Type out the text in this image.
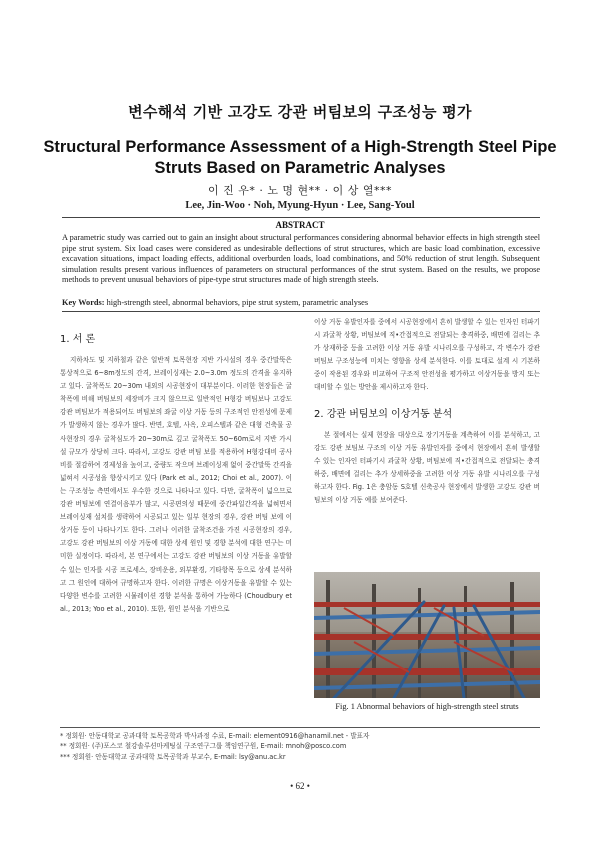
변수해석 기반 고강도 강관 버팀보의 구조성능 평가
Structural Performance Assessment of a High-Strength Steel Pipe Struts Based on Parametric Analyses
이 진 우* · 노 명 현** · 이 상 열***
Lee, Jin-Woo · Noh, Myung-Hyun · Lee, Sang-Youl
ABSTRACT
A parametric study was carried out to gain an insight about structural performances considering abnormal behavior effects in high strength steel pipe strut system. Six load cases were considered as undesirable deflections of strut structures, which are basic load combination, excessive excavation situations, impact loading effects, additional overburden loads, load combinations, and 50% reduction of strut length. Subsequent simulation results present various influences of parameters on structural performances of the strut system. Based on the results, we propose methods to prevent unusual behaviors of pipe-type strut structures made of high strength steels.
Key Words: high-strength steel, abnormal behaviors, pipe strut system, parametric analyses

1. 서 론

지하차도 및 지하철과 같은 일반적 토목현장 지반 가시설의 경우 중간말뚝은 통상적으로 6~8m정도의 간격, 브레이싱재는 2.0~3.0m 정도의 간격을 유지하고 있다. 굴착폭도 20~30m 내외의 시공현장이 대부분이다. 이러한 현장들은 굴착폭에 비해 버팀보의 세장비가 크지 않으므로 일반적인 H형강 버팀보나 고강도 강관 버팀보가 적용되어도 버팀보의 좌굴 이상 거동 등의 구조적인 안전성에 문제가 발생하지 않는 경우가 많다. 반면, 호텔, 사옥, 오피스텔과 같은 대형 건축물 공사현장의 경우 굴착심도가 20~30m로 깊고 굴착폭도 50~60m로서 지반 가시설 규모가 상당히 크다. 따라서, 고강도 강관 버팀 보를 적용하여 H형강대비 공사비를 절감하여 경제성을 높이고, 중량도 작으며 브레이싱재 없이 중간말뚝 간격을 넓혀서 시공성을 향상시키고 있다 (Park et al., 2012; Choi et al., 2007). 이는 구조성능 측면에서도 우수한 것으로 나타나고 있다. 다만, 굴착폭이 넓으므로 강관 버팀보에 연결이음부가 많고, 시공편의성 때문에 중간파일간격을 넓혀면서 브레이싱재 설치를 생략하여 시공되고 있는 일부 현장의 경우, 강관 버팀 보에 이상거동 등이 나타나기도 한다. 그러나 이러한 굴착조건을 가진 시공현장의 경우, 고강도 강관 버팀보의 이상 거동에 대한 상세 원인 및 경향 분석에 대한 연구는 미미한 실정이다. 따라서, 본 연구에서는 고강도 강관 버팀보의 이상 거동을 유발할 수 있는 인자를 시공 프로세스, 장비운용, 외부환경, 기타항목 등으로 상세 분석하고 그 원인에 대하여 규명하고자 한다. 이러한 규명은 이상거동을 유발할 수 있는 다양한 변수를 고려한 시뮬레이션 경향 분석을 통하여 가능하다 (Choudbury et al., 2013; Yoo et al., 2010). 또한, 원인 분석을 기반으로

이상 거동 유발인자를 중에서 시공현장에서 흔히 발생할 수 있는 인자인 터파기 시 과굴착 상황, 버팀보에 직•간접적으로 전달되는 충격하중, 배면에 걸리는 추가 상재하중 등을 고려한 이상 거동 유발 시나리오를 구성하고, 각 변수가 강관 버팀보 구조성능에 미치는 영향을 상세 분석한다. 이를 토대로 설계 시 기본하중이 작용된 경우와 비교하여 구조적 안전성을 평가하고 이상거동을 방지 또는 대비할 수 있는 방안을 제시하고자 한다.

2. 강관 버팀보의 이상거동 분석

본 절에서는 실제 현장을 대상으로 장기거동을 계측하여 이를 분석하고, 고강도 강관 보팀보 구조의 이상 거동 유발인자를 중에서 현장에서 흔히 발생할 수 있는 인자인 터파기시 과굴착 상황, 버팀보에 직•간접적으로 전달되는 충격하중, 배면에 걸리는 추가 상세하중을 고려한 이상 거동 유발 시나리오를 구성하고자 한다. Fig. 1은 충암동 S호텔 신축공사 현장에서 발생한 고강도 강관 버팀보의 이상 거동 예를 보여준다.

Fig. 1 Abnormal behaviors of high-strength steel struts
* 정회원· 안동대학교 공과대학 토목공학과 박사과정 수료, E-mail: element0916@hanamil.net - 발표자
** 정회원· (주)포스코 철강솔루션마케팅실 구조연구그룹 책임연구원, E-mail: mnoh@posco.com
*** 정회원· 안동대학교 공과대학 토목공학과 부교수, E-mail: lsy@anu.ac.kr
• 62 •
